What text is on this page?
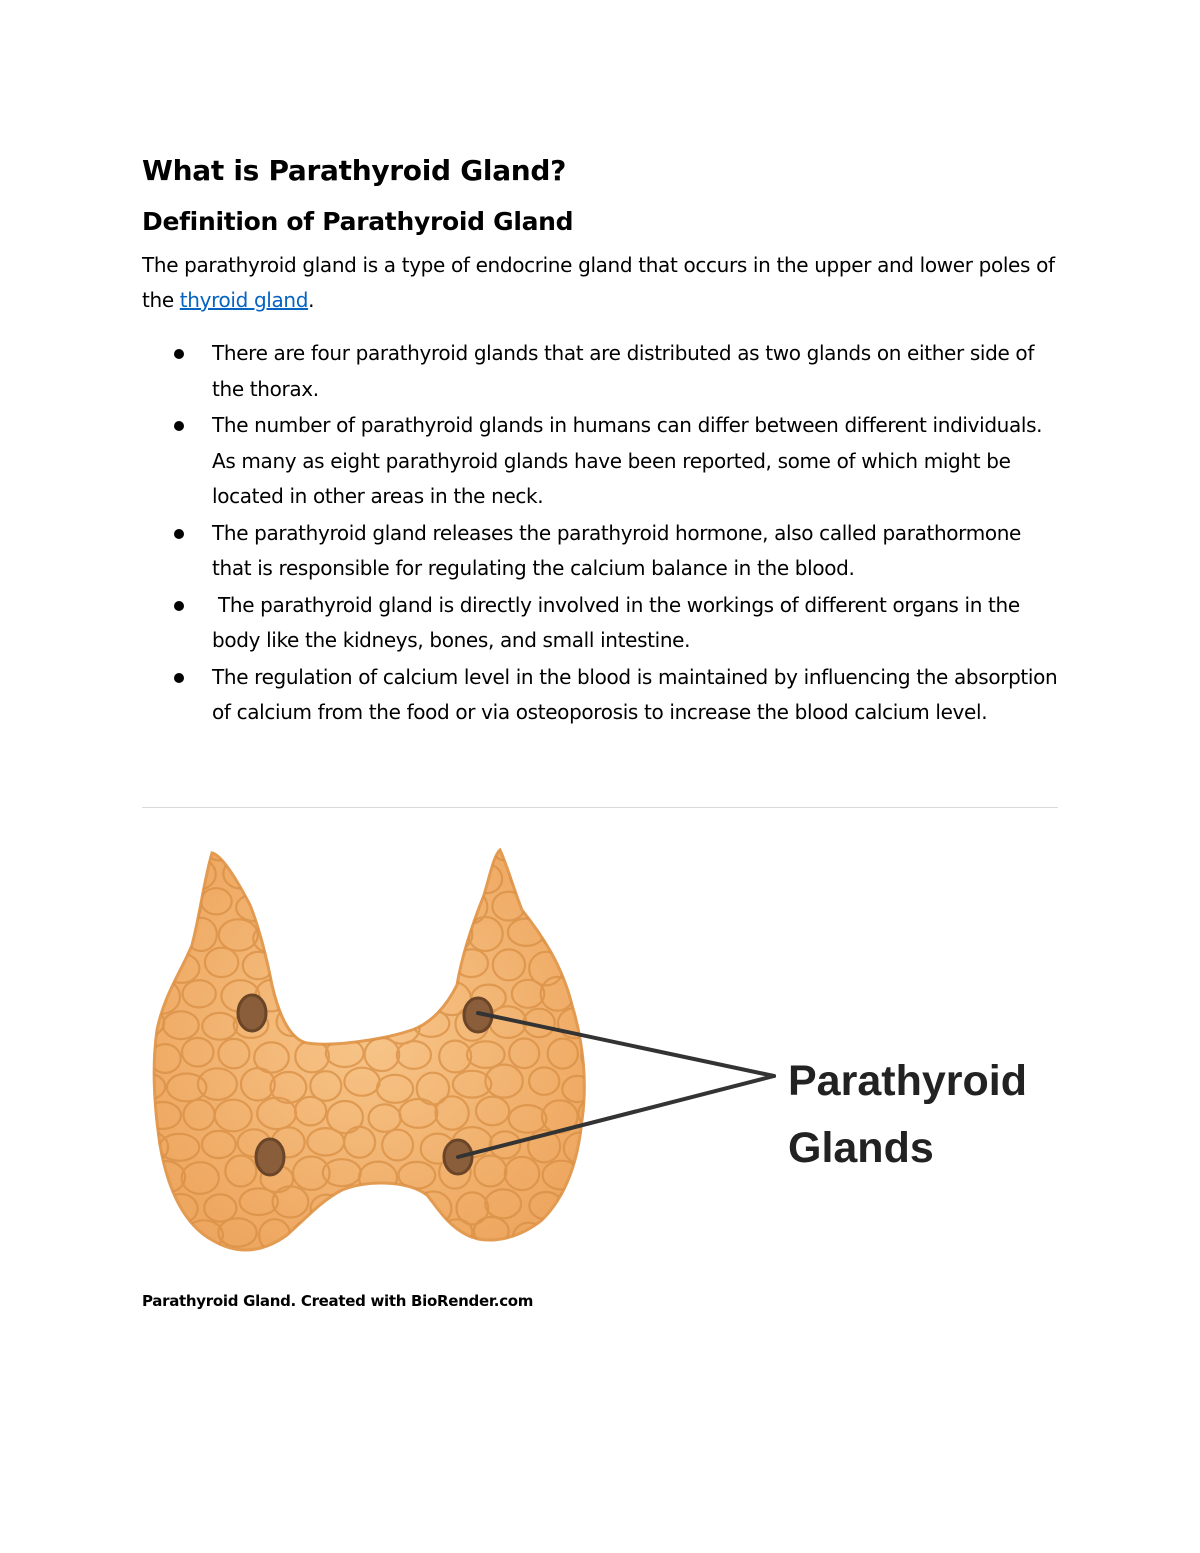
What is Parathyroid Gland?
Definition of Parathyroid Gland

The parathyroid gland is a type of endocrine gland that occurs in the upper and lower poles of the thyroid gland.

There are four parathyroid glands that are distributed as two glands on either side of the thorax.
The number of parathyroid glands in humans can differ between different individuals. As many as eight parathyroid glands have been reported, some of which might be located in other areas in the neck.
The parathyroid gland releases the parathyroid hormone, also called parathormone that is responsible for regulating the calcium balance in the blood.
The parathyroid gland is directly involved in the workings of different organs in the body like the kidneys, bones, and small intestine.
The regulation of calcium level in the blood is maintained by influencing the absorption of calcium from the food or via osteoporosis to increase the blood calcium level.
Parathyroid
Glands
Parathyroid Gland. Created with BioRender.com
